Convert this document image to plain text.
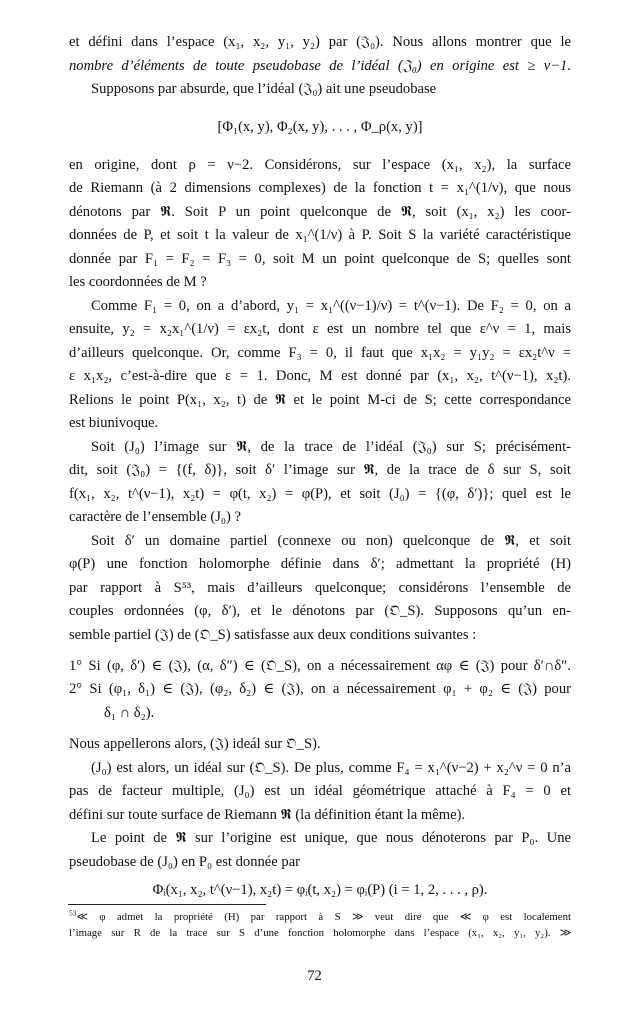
et défini dans l’espace (x₁, x₂, y₁, y₂) par (𝔍₀). Nous allons montrer que le
nombre d’éléments de toute pseudobase de l’idéal (𝔍₀) en origine est ≥ ν−1.
Supposons par absurde, que l’idéal (𝔍₀) ait une pseudobase
[Φ₁(x, y), Φ₂(x, y), . . . , Φ_ρ(x, y)]
en origine, dont ρ = ν−2. Considérons, sur l’espace (x₁, x₂), la surface
de Riemann (à 2 dimensions complexes) de la fonction t = x₁^(1/ν), que nous
dénotons par 𝕽. Soit P un point quelconque de 𝕽, soit (x₁, x₂) les coor-
données de P, et soit t la valeur de x₁^(1/ν) à P. Soit S la variété caractéristique
donnée par F₁ = F₂ = F₃ = 0, soit M un point quelconque de S; quelles sont
les coordonnées de M ?
Comme F₁ = 0, on a d’abord, y₁ = x₁^((ν−1)/ν) = t^(ν−1). De F₂ = 0, on a
ensuite, y₂ = x₂x₁^(1/ν) = εx₂t, dont ε est un nombre tel que ε^ν = 1, mais
d’ailleurs quelconque. Or, comme F₃ = 0, il faut que x₁x₂ = y₁y₂ = εx₂t^ν =
ε x₁x₂, c’est-à-dire que ε = 1. Donc, M est donné par (x₁, x₂, t^(ν−1), x₂t).
Relions le point P(x₁, x₂, t) de 𝕽 et le point M-ci de S; cette correspondance
est biunivoque.
Soit (J₀) l’image sur 𝕽, de la trace de l’idéal (𝔍₀) sur S; précisément-
dit, soit (𝔍₀) = {(f, δ)}, soit δ′ l’image sur 𝕽, de la trace de δ sur S, soit
f(x₁, x₂, t^(ν−1), x₂t) = φ(t, x₂) = φ(P), et soit (J₀) = {(φ, δ′)}; quel est le
caractère de l’ensemble (J₀) ?
Soit δ′ un domaine partiel (connexe ou non) quelconque de 𝕽, et soit
φ(P) une fonction holomorphe définie dans δ′; admettant la propriété (H)
par rapport à S⁵³, mais d’ailleurs quelconque; considérons l’ensemble de
couples ordonnées (φ, δ′), et le dénotons par (𝔒_S). Supposons qu’un en-
semble partiel (𝔍) de (𝔒_S) satisfasse aux deux conditions suivantes :
1° Si (φ, δ′) ∈ (𝔍), (α, δ″) ∈ (𝔒_S), on a nécessairement αφ ∈ (𝔍) pour δ′∩δ″.
2° Si (φ₁, δ₁) ∈ (𝔍), (φ₂, δ₂) ∈ (𝔍), on a nécessairement φ₁ + φ₂ ∈ (𝔍) pour
δ₁ ∩ δ₂).
Nous appellerons alors, (𝔍) ideál sur 𝔒_S).
(J₀) est alors, un idéal sur (𝔒_S). De plus, comme F₄ = x₁^(ν−2) + x₂^ν = 0 n’a
pas de facteur multiple, (J₀) est un idéal géométrique attaché à F₄ = 0 et
défini sur toute surface de Riemann 𝕽 (la définition étant la même).
Le point de 𝕽 sur l’origine est unique, que nous dénoterons par P₀. Une
pseudobase de (J₀) en P₀ est donnée par
Φᵢ(x₁, x₂, t^(ν−1), x₂t) = φᵢ(t, x₂) = φᵢ(P) (i = 1, 2, . . . , ρ).
$^{53}$≪ φ admet la propriété (H) par rapport à S ≫ veut dire que ≪ φ est localement
l’image sur R de la trace sur S d’une fonction holomorphe dans l’espace (x₁, x₂, y₁, y₂). ≫
72
